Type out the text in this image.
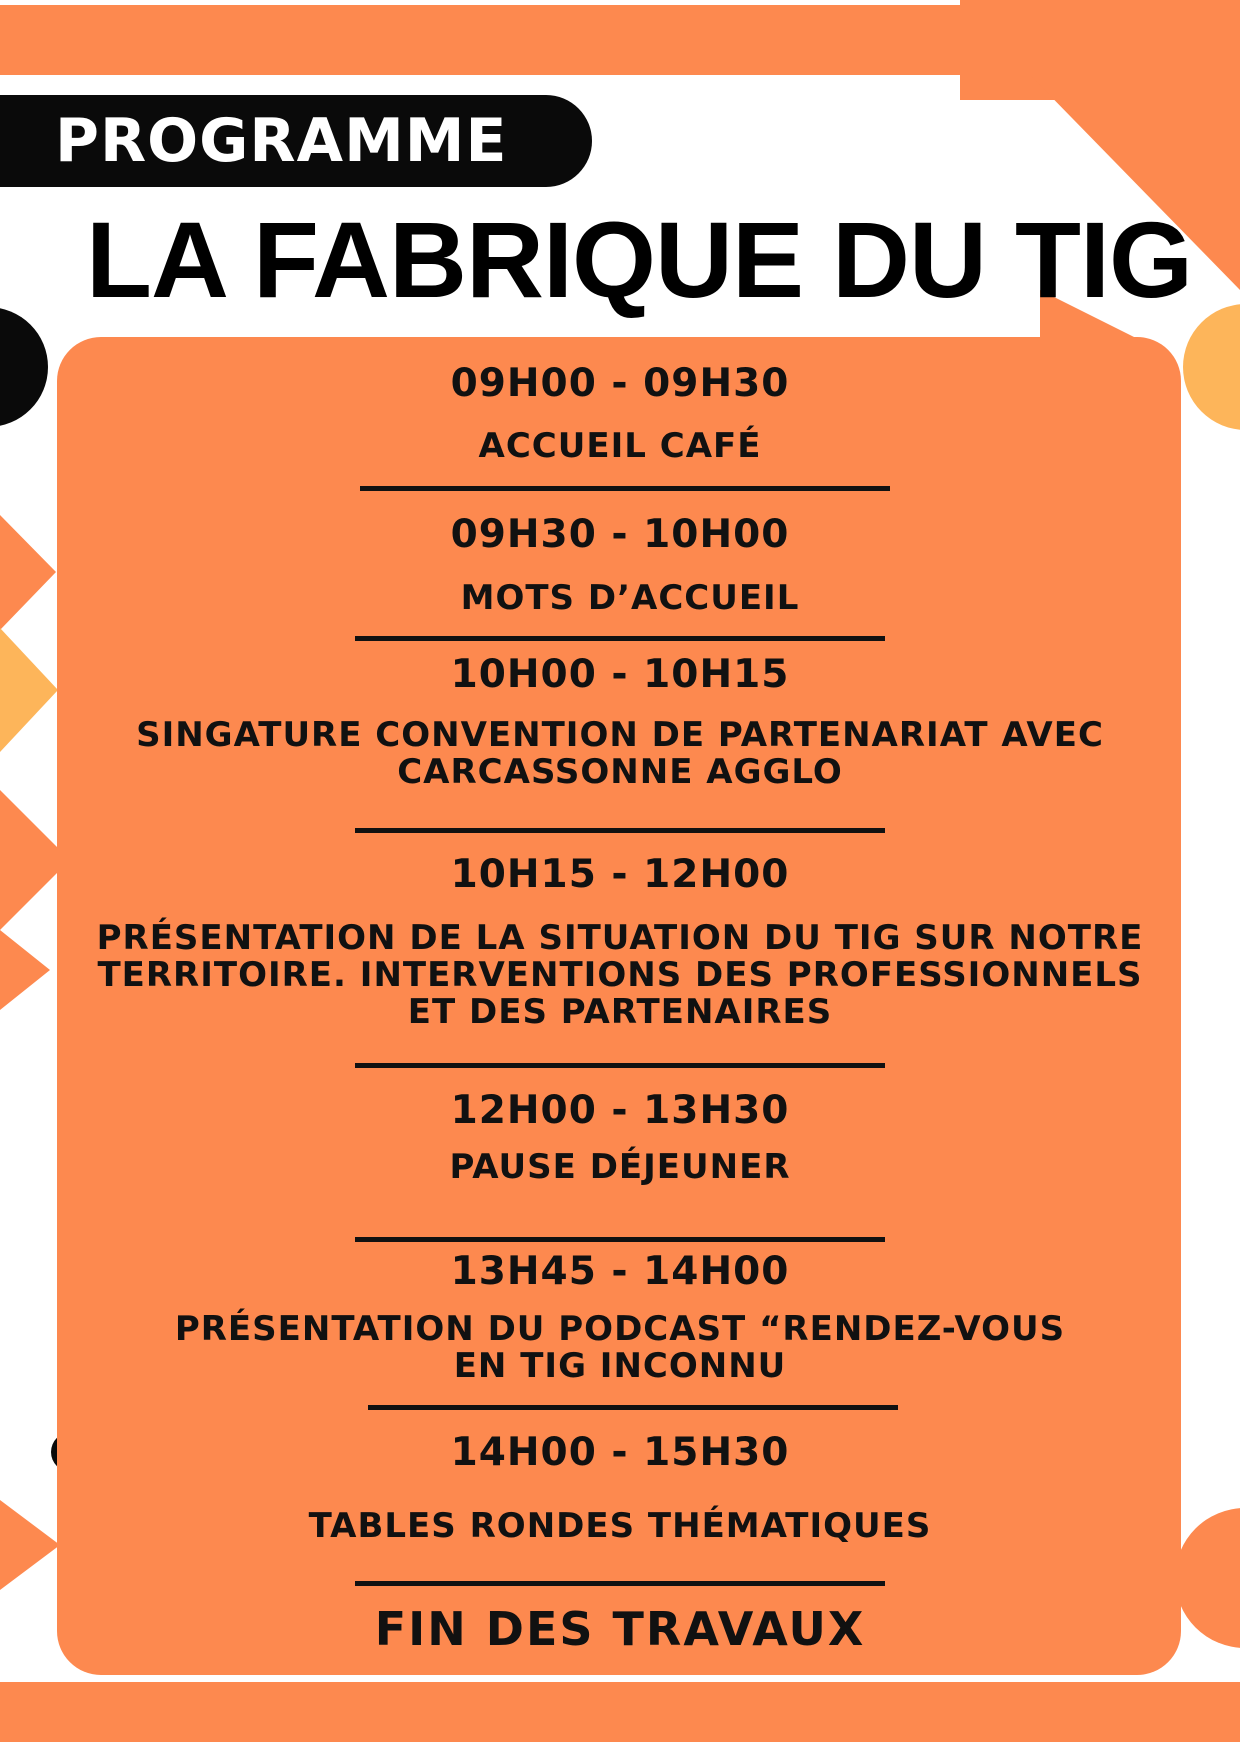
PROGRAMME
LA FABRIQUE DU TIG
09H00 - 09H30
ACCUEIL CAFÉ
09H30 - 10H00
MOTS D’ACCUEIL
10H00 - 10H15
SINGATURE CONVENTION DE PARTENARIAT AVEC
CARCASSONNE AGGLO
10H15 - 12H00
PRÉSENTATION DE LA SITUATION DU TIG SUR NOTRE
TERRITOIRE. INTERVENTIONS DES PROFESSIONNELS
ET DES PARTENAIRES
12H00 - 13H30
PAUSE DÉJEUNER
13H45 - 14H00
PRÉSENTATION DU PODCAST “RENDEZ-VOUS
EN TIG INCONNU
14H00 - 15H30
TABLES RONDES THÉMATIQUES
FIN DES TRAVAUX
